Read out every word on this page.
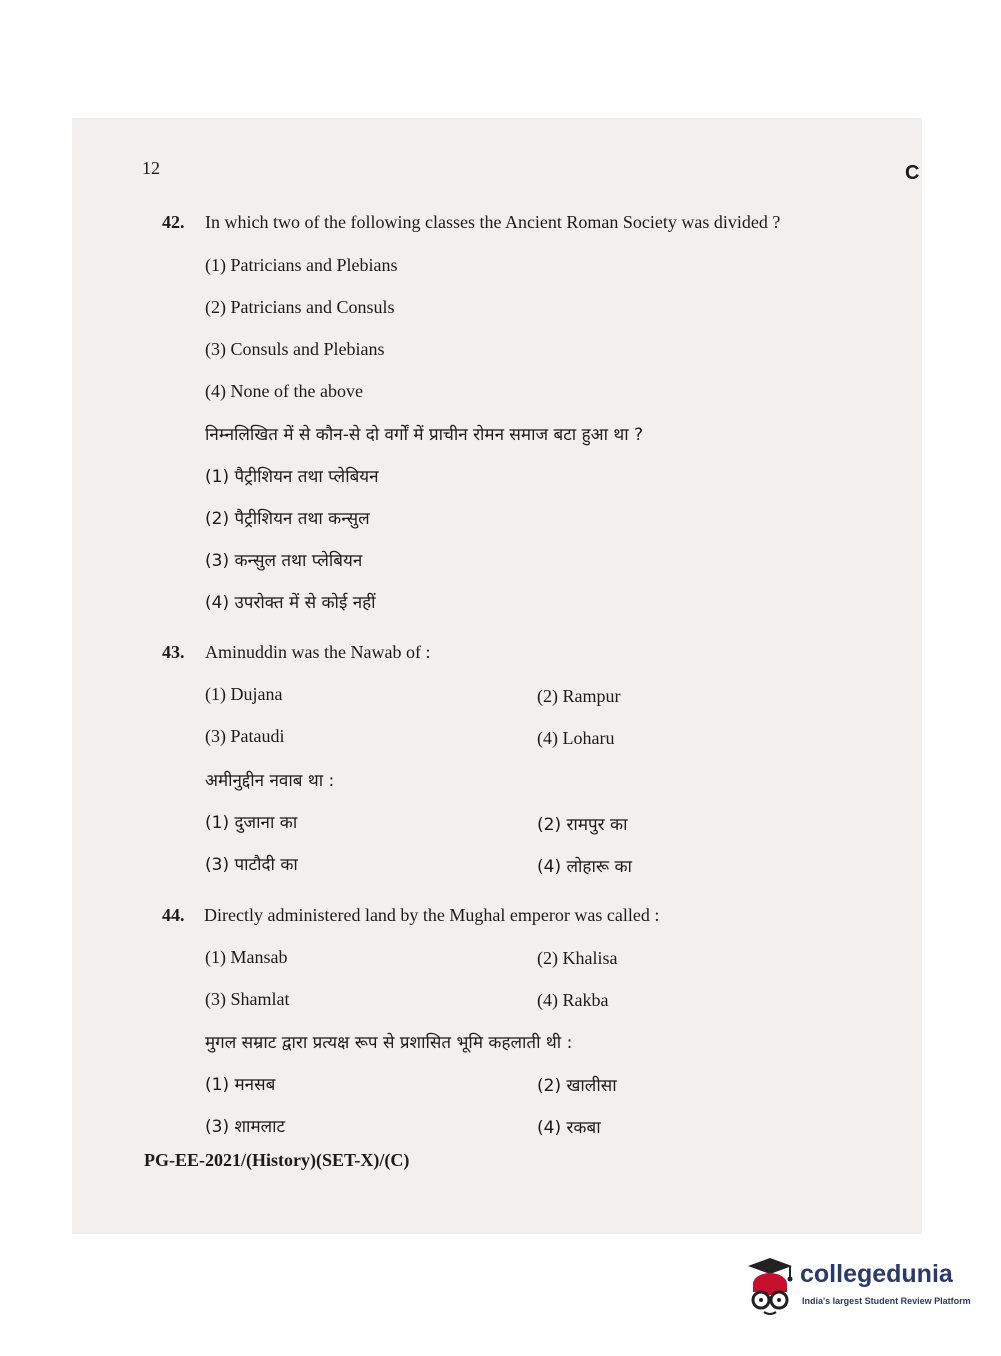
12	C
42. In which two of the following classes the Ancient Roman Society was divided ?
(1) Patricians and Plebians
(2) Patricians and Consuls
(3) Consuls and Plebians
(4) None of the above
निम्नलिखित में से कौन-से दो वर्गों में प्राचीन रोमन समाज बटा हुआ था ?
(1) पैट्रीशियन तथा प्लेबियन
(2) पैट्रीशियन तथा कन्सुल
(3) कन्सुल तथा प्लेबियन
(4) उपरोक्त में से कोई नहीं
43. Aminuddin was the Nawab of :
(1) Dujana	(2) Rampur
(3) Pataudi	(4) Loharu
अमीनुद्दीन नवाब था :
(1) दुजाना का	(2) रामपुर का
(3) पाटौदी का	(4) लोहारू का
44. Directly administered land by the Mughal emperor was called :
(1) Mansab	(2) Khalisa
(3) Shamlat	(4) Rakba
मुगल सम्राट द्वारा प्रत्यक्ष रूप से प्रशासित भूमि कहलाती थी :
(1) मनसब	(2) खालीसा
(3) शामलाट	(4) रकबा
PG-EE-2021/(History)(SET-X)/(C)
collegedunia
India's largest Student Review Platform
